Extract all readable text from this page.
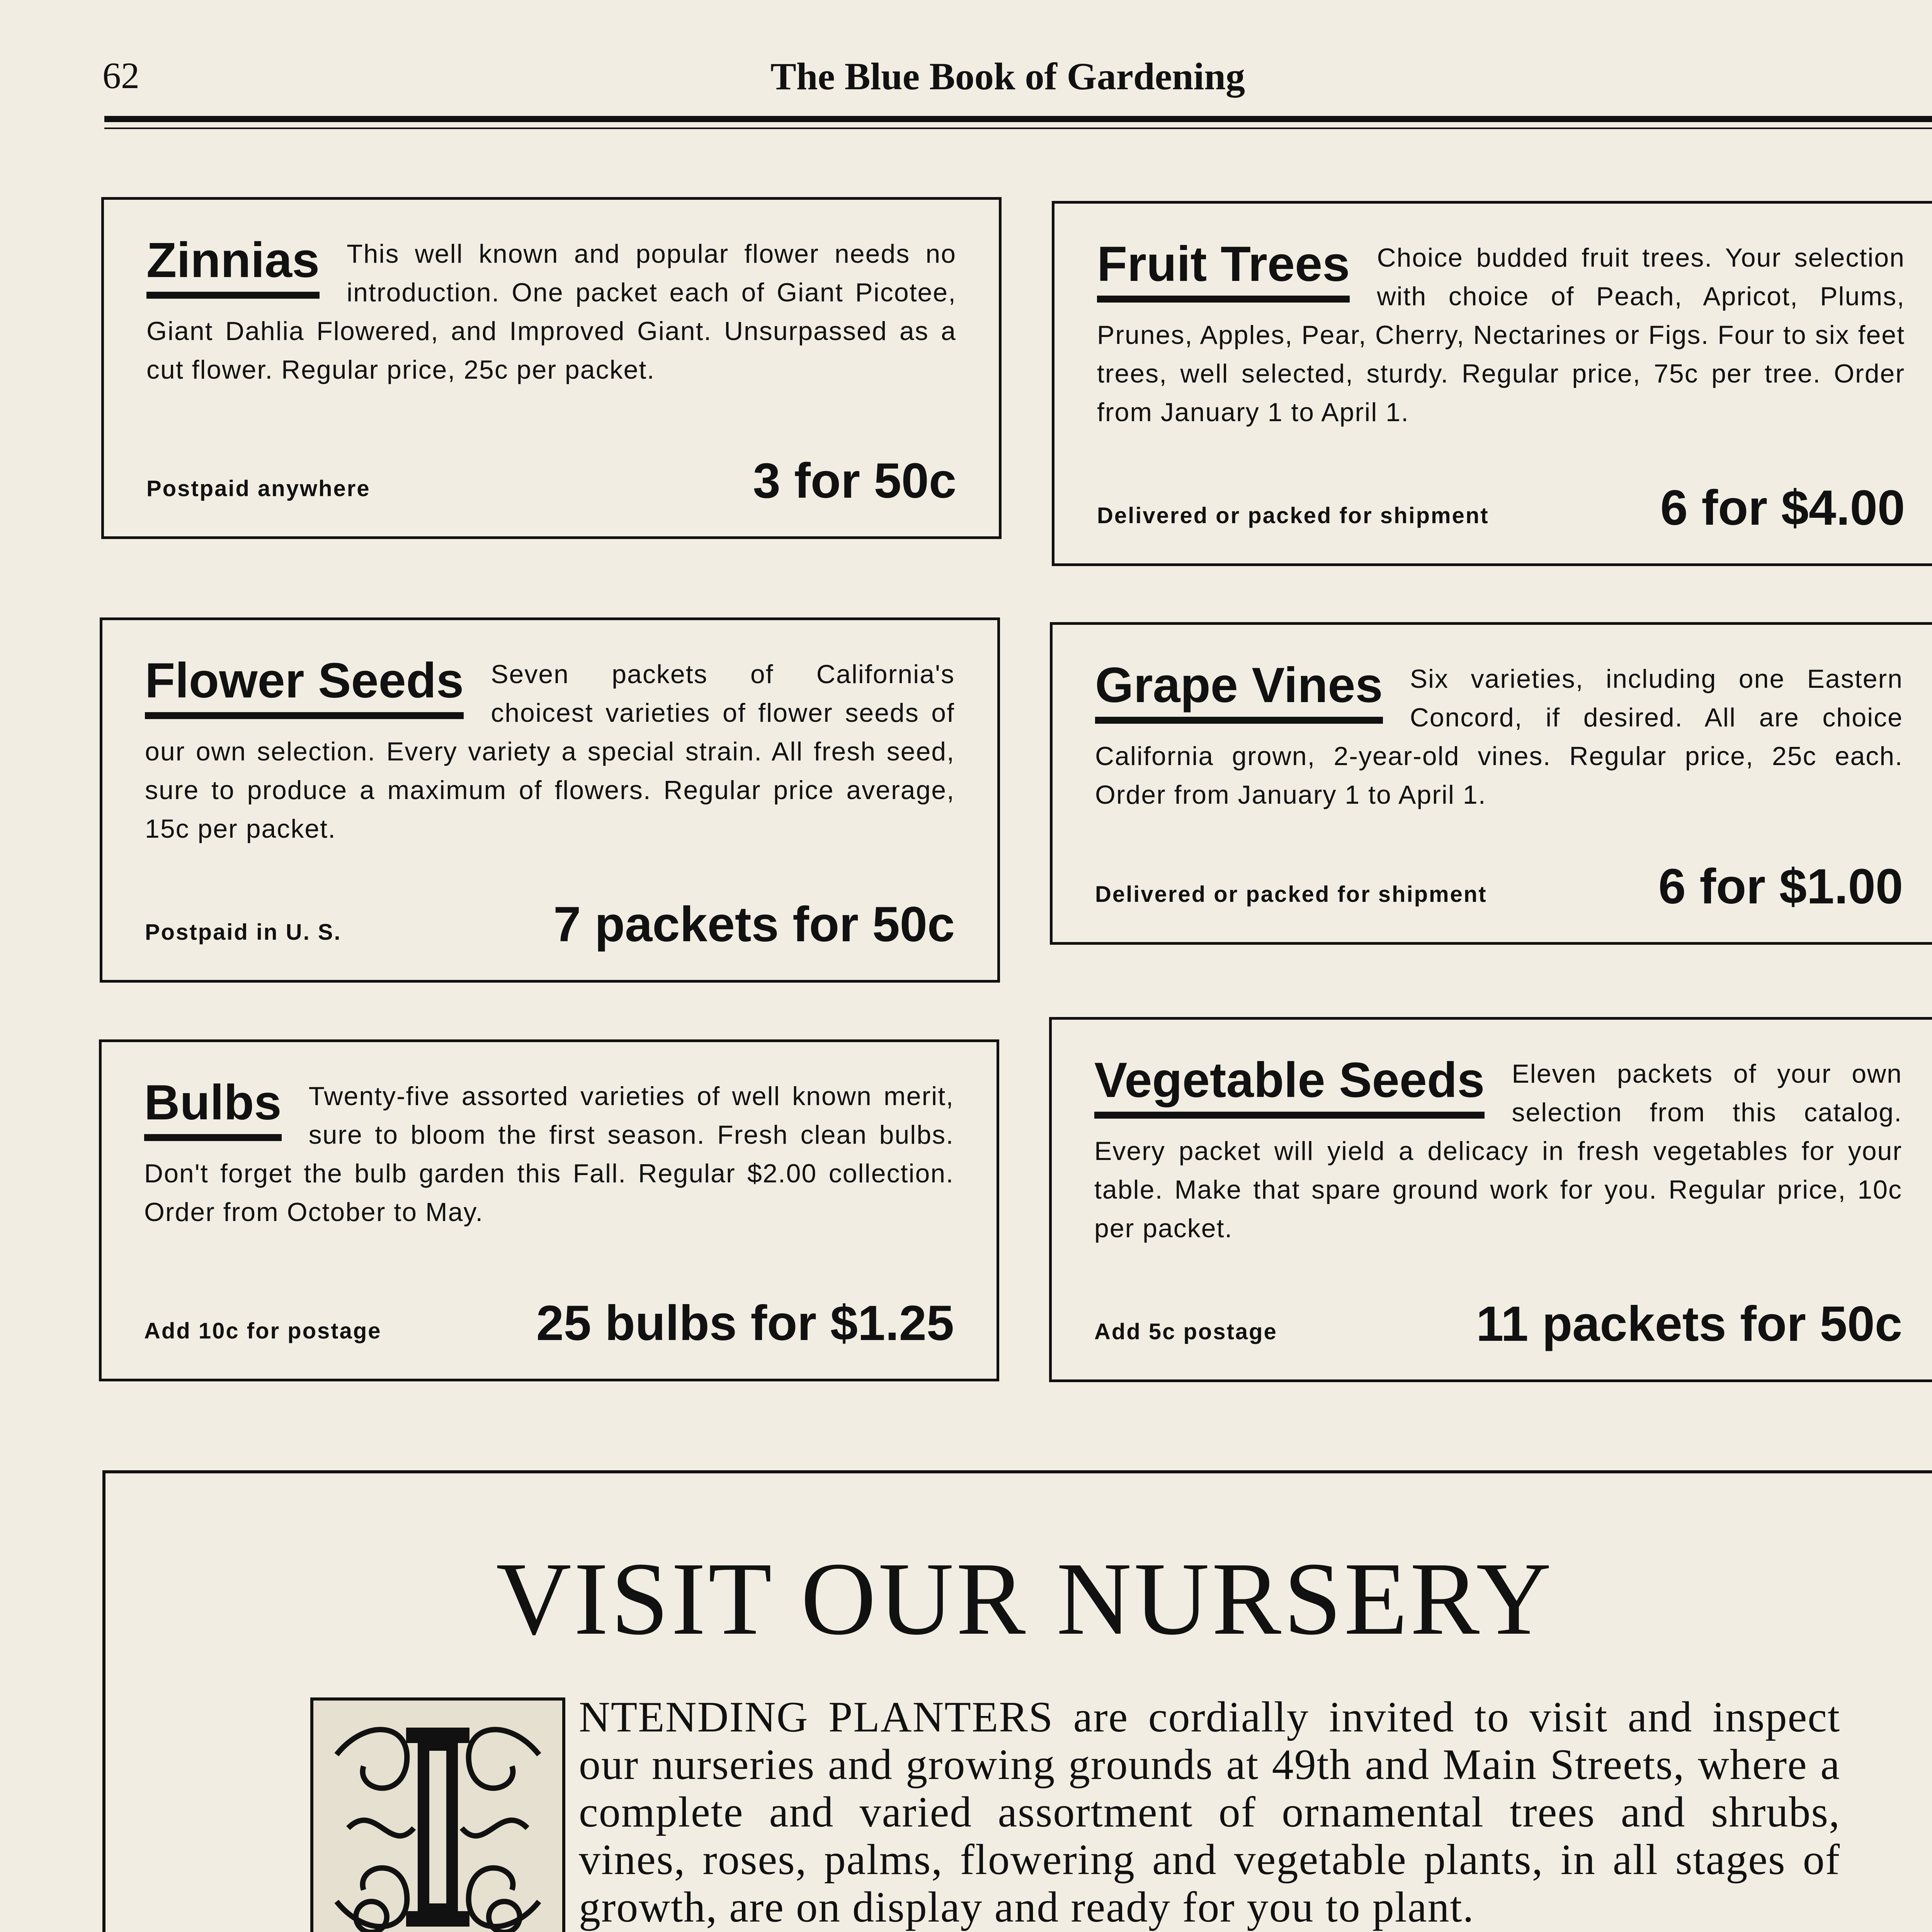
62	The Blue Book of Gardening
Zinnias	This well known and popular flower needs no introduction. One packet each of Giant Picotee, Giant Dahlia Flowered, and Improved Giant. Unsurpassed as a cut flower. Regular price, 25c per packet.
Postpaid anywhere	3 for 50c
Fruit Trees	Choice budded fruit trees. Your selection with choice of Peach, Apricot, Plums, Prunes, Apples, Pear, Cherry, Nectarines or Figs. Four to six feet trees, well selected, sturdy. Regular price, 75c per tree. Order from January 1 to April 1.
Delivered or packed for shipment	6 for $4.00
Flower Seeds	Seven packets of California's choicest varieties of flower seeds of our own selection. Every variety a special strain. All fresh seed, sure to produce a maximum of flowers. Regular price average, 15c per packet.
Postpaid in U. S.	7 packets for 50c
Grape Vines	Six varieties, including one Eastern Concord, if desired. All are choice California grown, 2-year-old vines. Regular price, 25c each. Order from January 1 to April 1.
Delivered or packed for shipment	6 for $1.00
Bulbs	Twenty-five assorted varieties of well known merit, sure to bloom the first season. Fresh clean bulbs. Don't forget the bulb garden this Fall. Regular $2.00 collection. Order from October to May.
Add 10c for postage	25 bulbs for $1.25
Vegetable Seeds	Eleven packets of your own selection from this catalog. Every packet will yield a delicacy in fresh vegetables for your table. Make that spare ground work for you. Regular price, 10c per packet.
Add 5c postage	11 packets for 50c
VISIT OUR NURSERY
NTENDING PLANTERS are cordially invited to visit and inspect our nurseries and growing grounds at 49th and Main Streets, where a complete and varied assortment of ornamental trees and shrubs, vines, roses, palms, flowering and vegetable plants, in all stages of growth, are on display and ready for you to plant.
